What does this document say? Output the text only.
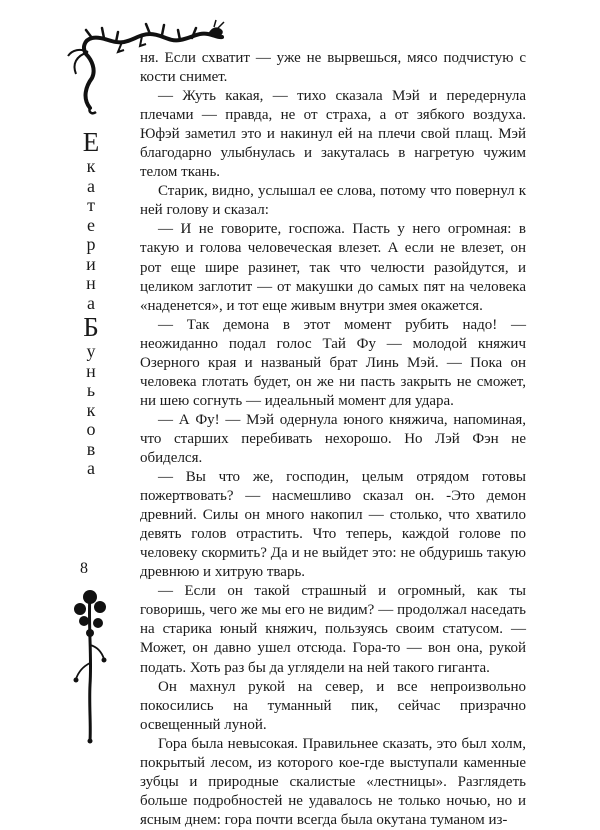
Е
к
а
т
е
р
и
н
а
Б
у
н
ь
к
о
в
а
8

ня. Если схватит — уже не вырвешься, мясо подчистую с кости снимет.

— Жуть какая, — тихо сказала Мэй и передернула плечами — правда, не от страха, а от зябкого воздуха. Юфэй заметил это и накинул ей на плечи свой плащ. Мэй благодарно улыбнулась и закуталась в нагретую чужим телом ткань.

Старик, видно, услышал ее слова, потому что повернул к ней голову и сказал:

— И не говорите, госпожа. Пасть у него огромная: в такую и голова человеческая влезет. А если не влезет, он рот еще шире разинет, так что челюсти разойдутся, и целиком заглотит — от макушки до самых пят на человека «наденется», и тот еще живым внутри змея окажется.

— Так демона в этот момент рубить надо! — неожиданно подал голос Тай Фу — молодой княжич Озерного края и названый брат Линь Мэй. — Пока он человека глотать будет, он же ни пасть закрыть не сможет, ни шею согнуть — идеальный момент для удара.

— А Фу! — Мэй одернула юного княжича, напоминая, что старших перебивать нехорошо. Но Лэй Фэн не обиделся.

— Вы что же, господин, целым отрядом готовы пожертвовать? — насмешливо сказал он. -Это демон древний. Силы он много накопил — столько, что хватило девять голов отрастить. Что теперь, каждой голове по человеку скормить? Да и не выйдет это: не обдуришь такую древнюю и хитрую тварь.

— Если он такой страшный и огромный, как ты говоришь, чего же мы его не видим? — продолжал наседать на старика юный княжич, пользуясь своим статусом. — Может, он давно ушел отсюда. Гора-то — вон она, рукой подать. Хоть раз бы да углядели на ней такого гиганта.

Он махнул рукой на север, и все непроизвольно покосились на туманный пик, сейчас призрачно освещенный луной.

Гора была невысокая. Правильнее сказать, это был холм, покрытый лесом, из которого кое-где выступали каменные зубцы и природные скалистые «лестницы». Разглядеть больше подробностей не удавалось не только ночью, но и ясным днем: гора почти всегда была окутана туманом из-
